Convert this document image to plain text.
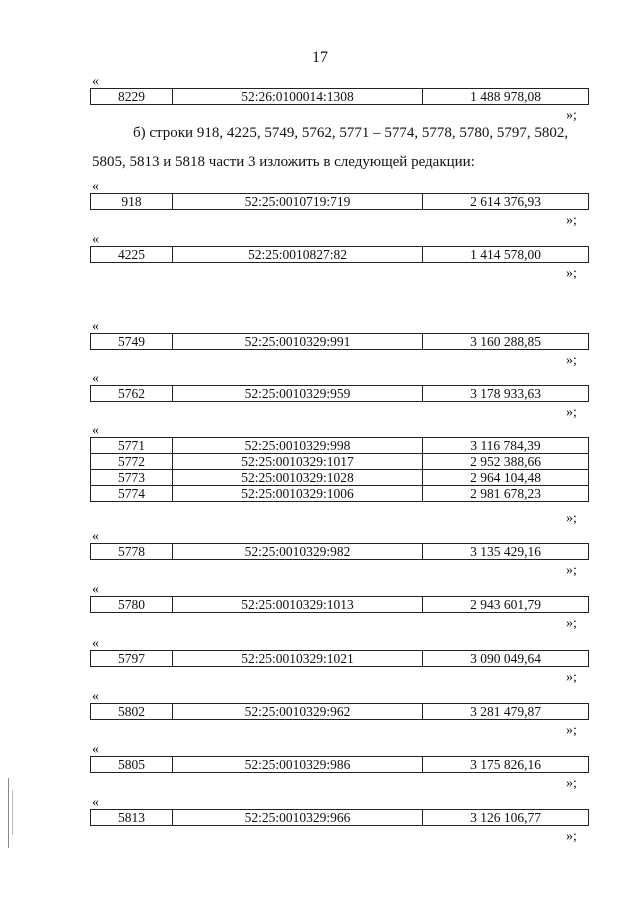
17
«
8229	52:26:0100014:1308	1 488 978,08
»;
б) строки 918, 4225, 5749, 5762, 5771 – 5774, 5778, 5780, 5797, 5802,
5805, 5813 и 5818 части 3 изложить в следующей редакции:
«
918	52:25:0010719:719	2 614 376,93
»;
«
4225	52:25:0010827:82	1 414 578,00
»;
«
5749	52:25:0010329:991	3 160 288,85
»;
«
5762	52:25:0010329:959	3 178 933,63
»;
«
5771	52:25:0010329:998	3 116 784,39
5772	52:25:0010329:1017	2 952 388,66
5773	52:25:0010329:1028	2 964 104,48
5774	52:25:0010329:1006	2 981 678,23
»;
«
5778	52:25:0010329:982	3 135 429,16
»;
«
5780	52:25:0010329:1013	2 943 601,79
»;
«
5797	52:25:0010329:1021	3 090 049,64
»;
«
5802	52:25:0010329:962	3 281 479,87
»;
«
5805	52:25:0010329:986	3 175 826,16
»;
«
5813	52:25:0010329:966	3 126 106,77
»;
